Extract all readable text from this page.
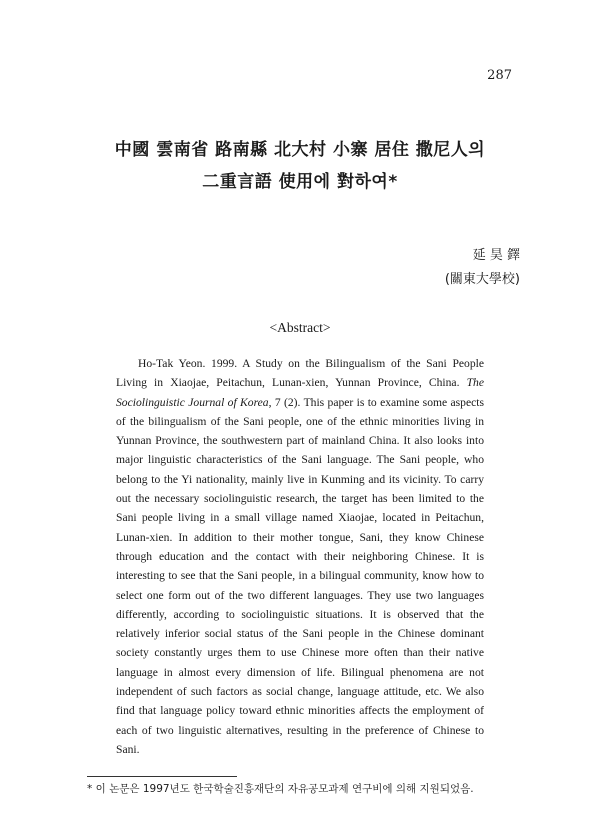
287
中國 雲南省 路南縣 北大村 小寨 居住 撒尼人의
二重言語 使用에 對하여*
延 昊 鐸
(關東大學校)
<Abstract>
Ho-Tak Yeon. 1999. A Study on the Bilingualism of the Sani People Living in Xiaojae, Peitachun, Lunan-xien, Yunnan Province, China. The Sociolinguistic Journal of Korea, 7 (2). This paper is to examine some aspects of the bilingualism of the Sani people, one of the ethnic minorities living in Yunnan Province, the southwestern part of mainland China. It also looks into major linguistic characteristics of the Sani language. The Sani people, who belong to the Yi nationality, mainly live in Kunming and its vicinity. To carry out the necessary sociolinguistic research, the target has been limited to the Sani people living in a small village named Xiaojae, located in Peitachun, Lunan-xien. In addition to their mother tongue, Sani, they know Chinese through education and the contact with their neighboring Chinese. It is interesting to see that the Sani people, in a bilingual community, know how to select one form out of the two different languages. They use two languages differently, according to sociolinguistic situations. It is observed that the relatively inferior social status of the Sani people in the Chinese dominant society constantly urges them to use Chinese more often than their native language in almost every dimension of life. Bilingual phenomena are not independent of such factors as social change, language attitude, etc. We also find that language policy toward ethnic minorities affects the employment of each of two linguistic alternatives, resulting in the preference of Chinese to Sani.
* 이 논문은 1997년도 한국학술진흥재단의 자유공모과제 연구비에 의해 지원되었음.
